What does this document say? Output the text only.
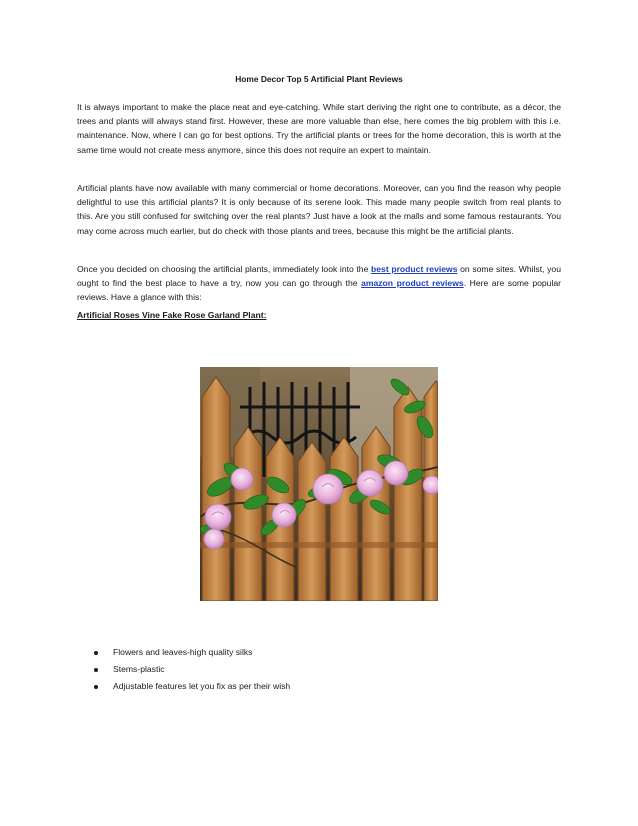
Home Decor Top 5 Artificial Plant Reviews

It is always important to make the place neat and eye-catching. While start deriving the right one to contribute, as a décor, the trees and plants will always stand first. However, these are more valuable than else, here comes the big problem with this i.e. maintenance. Now, where I can go for best options. Try the artificial plants or trees for the home decoration, this is worth at the same time would not create mess anymore, since this does not require an expert to maintain.

Artificial plants have now available with many commercial or home decorations. Moreover, can you find the reason why people delightful to use this artificial plants? It is only because of its serene look. This made many people switch from real plants to this. Are you still confused for switching over the real plants? Just have a look at the malls and some famous restaurants. You may come across much earlier, but do check with those plants and trees, because this might be the artificial plants.

Once you decided on choosing the artificial plants, immediately look into the best product reviews on some sites. Whilst, you ought to find the best place to have a try, now you can go through the amazon product reviews. Here are some popular reviews. Have a glance with this:

Artificial Roses Vine Fake Rose Garland Plant:
Flowers and leaves-high quality silks
Stems-plastic
Adjustable features let you fix as per their wish
